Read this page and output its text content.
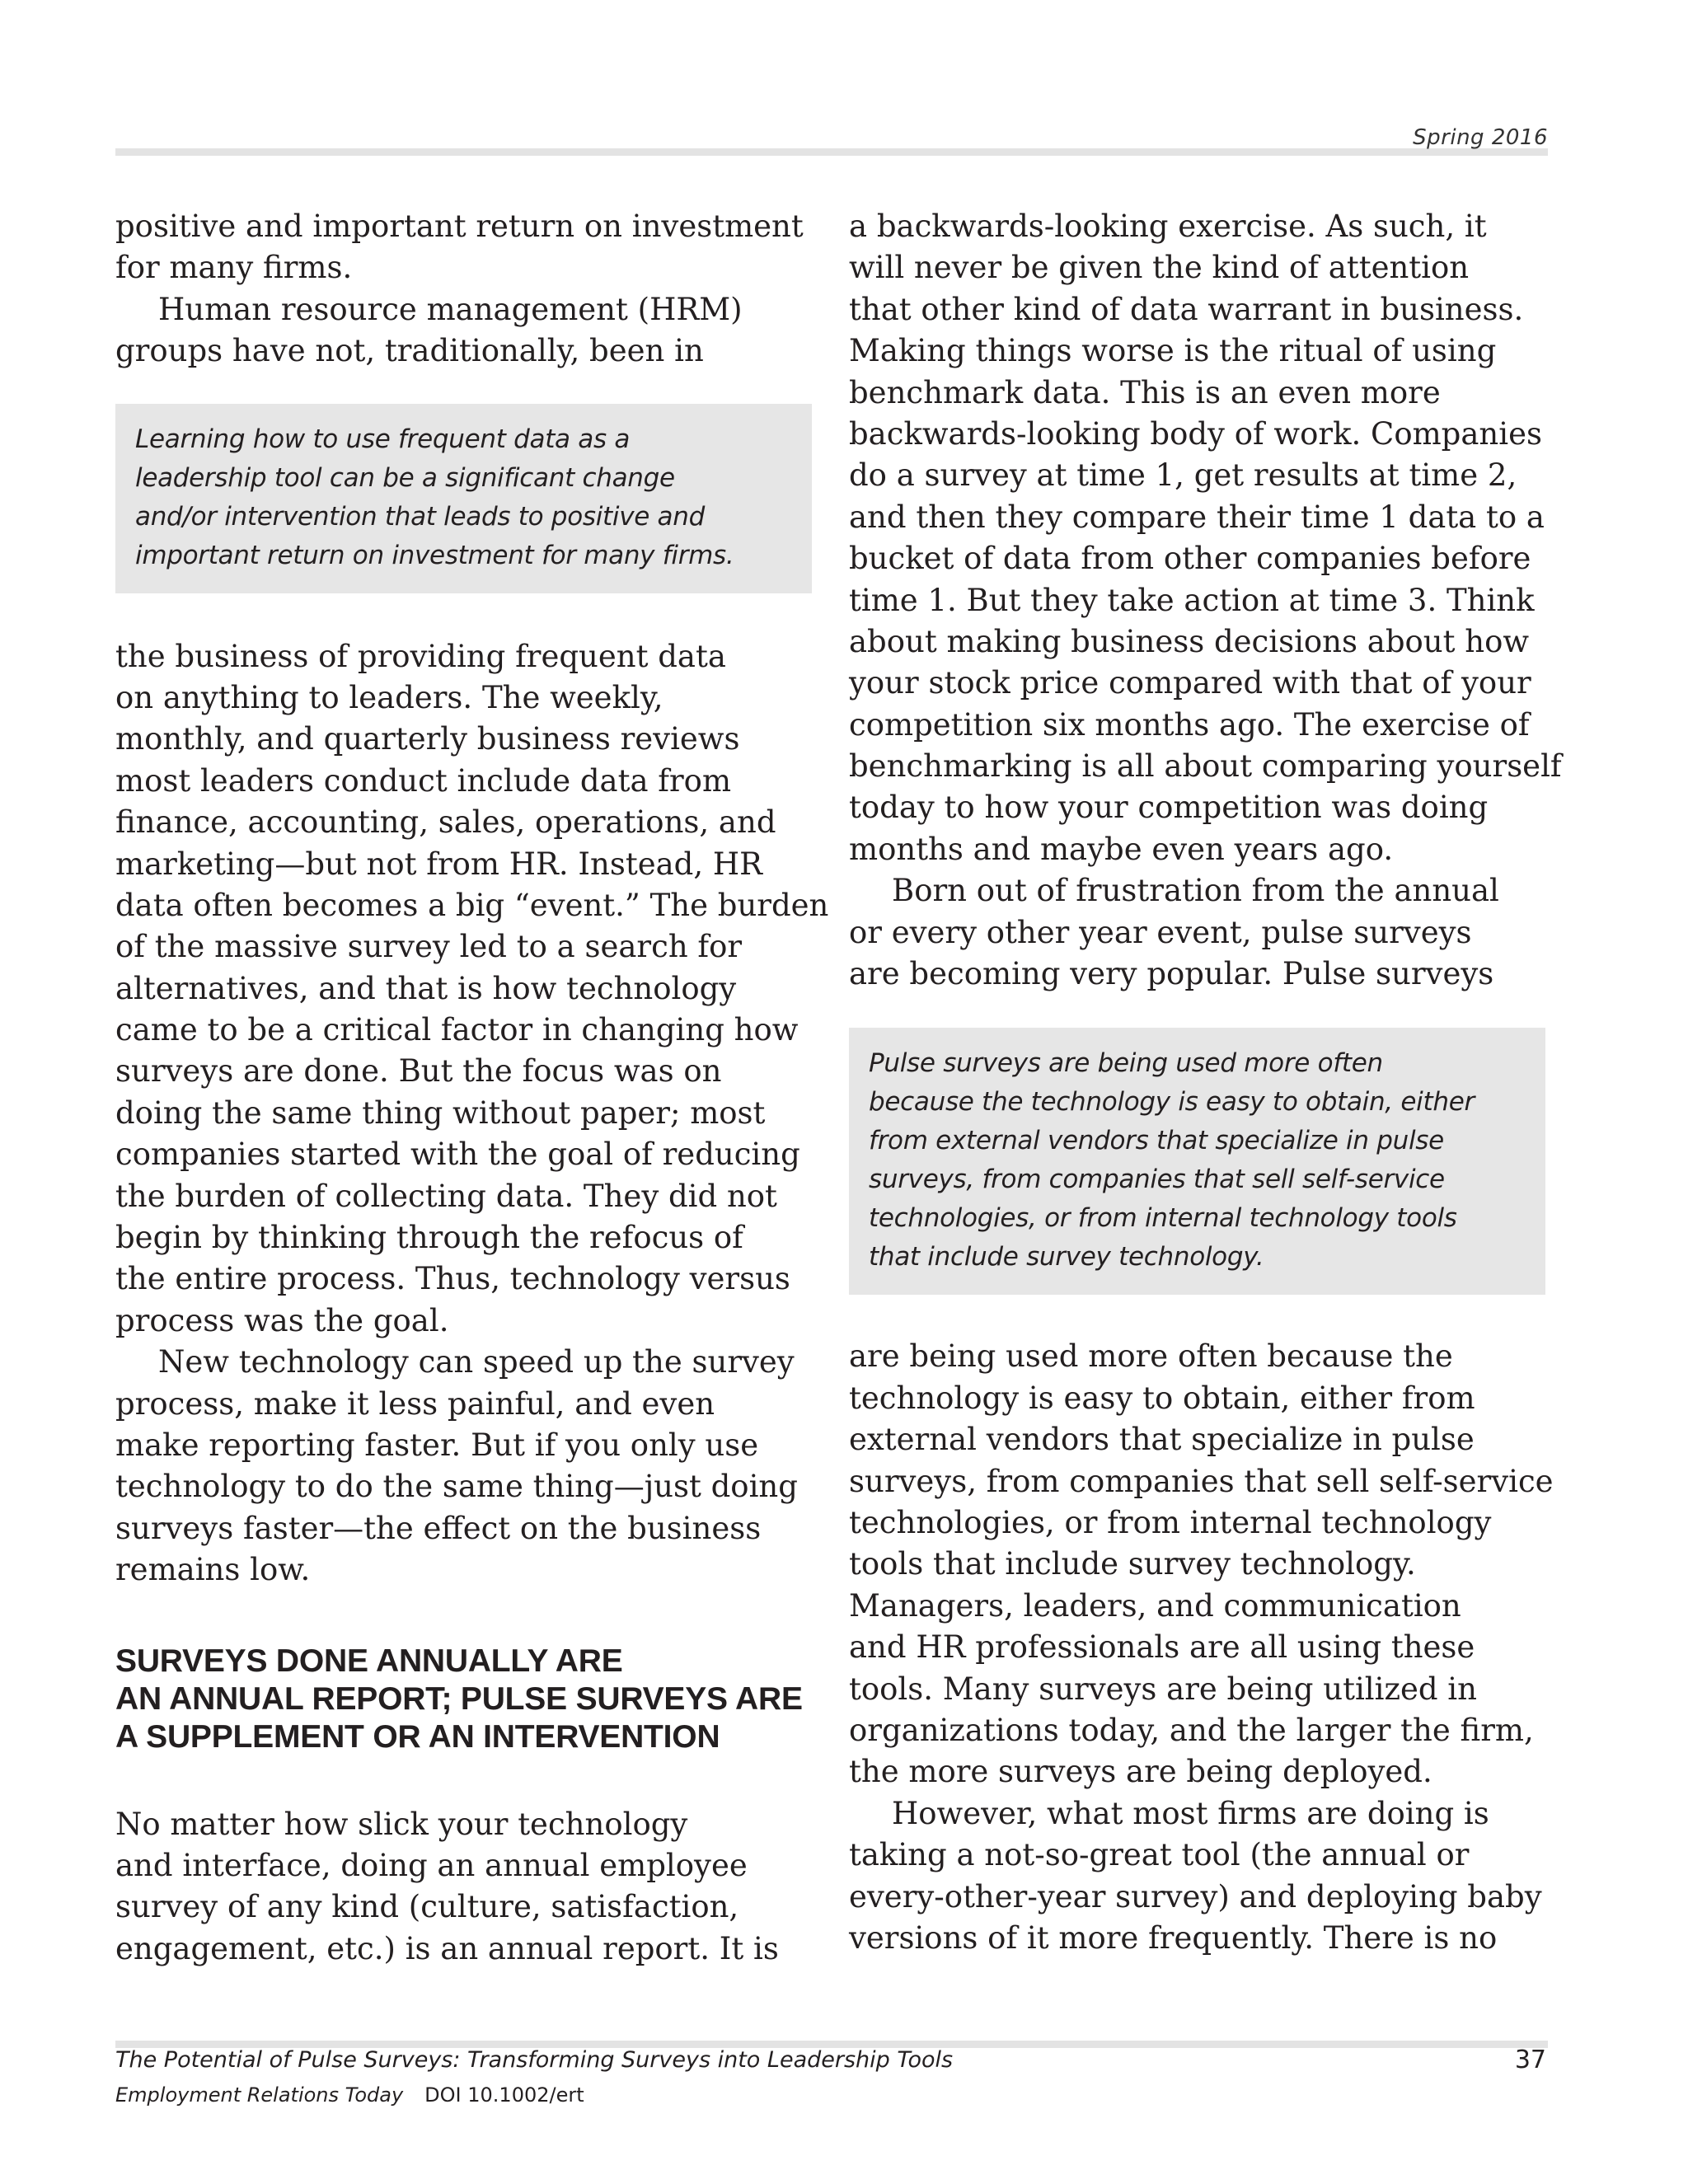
Spring 2016
positive and important return on investment
for many firms.
Human resource management (HRM)
groups have not, traditionally, been in
Learning how to use frequent data as a
leadership tool can be a significant change
and/or intervention that leads to positive and
important return on investment for many firms.
the business of providing frequent data
on anything to leaders. The weekly,
monthly, and quarterly business reviews
most leaders conduct include data from
finance, accounting, sales, operations, and
marketing—but not from HR. Instead, HR
data often becomes a big “event.” The burden
of the massive survey led to a search for
alternatives, and that is how technology
came to be a critical factor in changing how
surveys are done. But the focus was on
doing the same thing without paper; most
companies started with the goal of reducing
the burden of collecting data. They did not
begin by thinking through the refocus of
the entire process. Thus, technology versus
process was the goal.
New technology can speed up the survey
process, make it less painful, and even
make reporting faster. But if you only use
technology to do the same thing—just doing
surveys faster—the effect on the business
remains low.
SURVEYS DONE ANNUALLY ARE
AN ANNUAL REPORT; PULSE SURVEYS ARE
A SUPPLEMENT OR AN INTERVENTION
No matter how slick your technology
and interface, doing an annual employee
survey of any kind (culture, satisfaction,
engagement, etc.) is an annual report. It is
a backwards-looking exercise. As such, it
will never be given the kind of attention
that other kind of data warrant in business.
Making things worse is the ritual of using
benchmark data. This is an even more
backwards-looking body of work. Companies
do a survey at time 1, get results at time 2,
and then they compare their time 1 data to a
bucket of data from other companies before
time 1. But they take action at time 3. Think
about making business decisions about how
your stock price compared with that of your
competition six months ago. The exercise of
benchmarking is all about comparing yourself
today to how your competition was doing
months and maybe even years ago.
Born out of frustration from the annual
or every other year event, pulse surveys
are becoming very popular. Pulse surveys
Pulse surveys are being used more often
because the technology is easy to obtain, either
from external vendors that specialize in pulse
surveys, from companies that sell self-service
technologies, or from internal technology tools
that include survey technology.
are being used more often because the
technology is easy to obtain, either from
external vendors that specialize in pulse
surveys, from companies that sell self-service
technologies, or from internal technology
tools that include survey technology.
Managers, leaders, and communication
and HR professionals are all using these
tools. Many surveys are being utilized in
organizations today, and the larger the firm,
the more surveys are being deployed.
However, what most firms are doing is
taking a not-so-great tool (the annual or
every-other-year survey) and deploying baby
versions of it more frequently. There is no
The Potential of Pulse Surveys: Transforming Surveys into Leadership Tools	37
Employment Relations Today DOI 10.1002/ert
